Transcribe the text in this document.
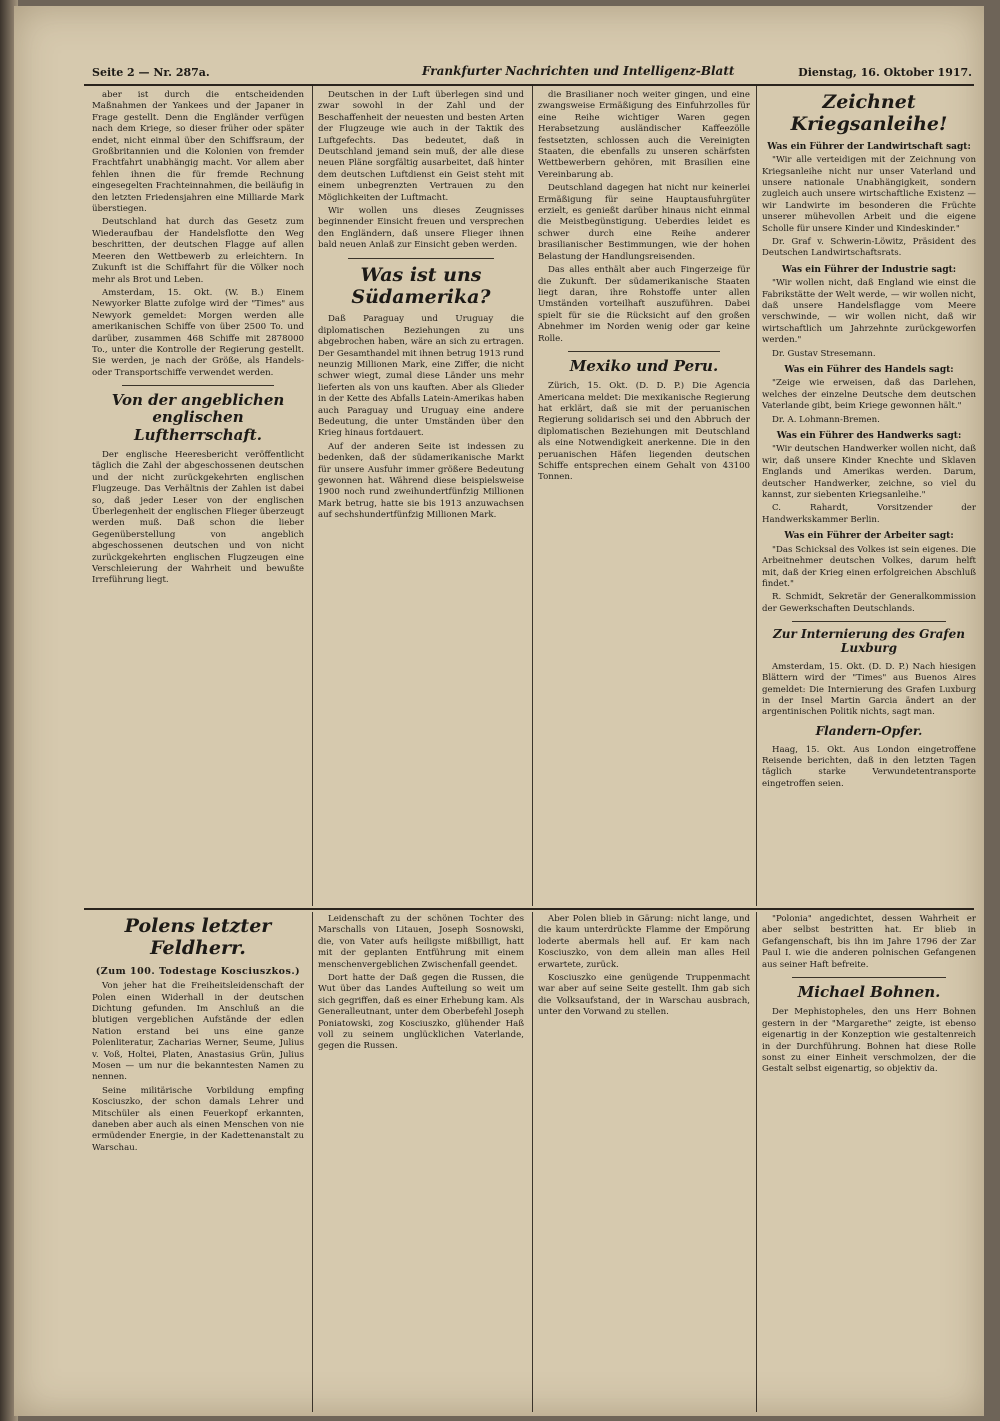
Seite 2 — Nr. 287a.	Frankfurter Nachrichten und Intelligenz-Blatt	Dienstag, 16. Oktober 1917.

aber ist durch die entscheidenden Maßnahmen der Yankees und der Japaner in Frage gestellt. Denn die Engländer verfügen nach dem Kriege, so dieser früher oder später endet, nicht einmal über den Schiffsraum, der Großbritannien und die Kolonien von fremder Frachtfahrt unabhängig macht. Vor allem aber fehlen ihnen die für fremde Rechnung eingesegelten Frachteinnahmen, die beiläufig in den letzten Friedensjahren eine Milliarde Mark überstiegen.

Deutschland hat durch das Gesetz zum Wiederaufbau der Handelsflotte den Weg beschritten, der deutschen Flagge auf allen Meeren den Wettbewerb zu erleichtern. In Zukunft ist die Schiffahrt für die Völker noch mehr als Brot und Leben.

Amsterdam, 15. Okt. (W. B.) Einem Newyorker Blatte zufolge wird der "Times" aus Newyork gemeldet: Morgen werden alle amerikanischen Schiffe von über 2500 To. und darüber, zusammen 468 Schiffe mit 2878000 To., unter die Kontrolle der Regierung gestellt. Sie werden, je nach der Größe, als Handels- oder Transportschiffe verwendet werden.

Von der angeblichen englischen Luftherrschaft.

Der englische Heeresbericht veröffentlicht täglich die Zahl der abgeschossenen deutschen und der nicht zurückgekehrten englischen Flugzeuge. Das Verhältnis der Zahlen ist dabei so, daß jeder Leser von der englischen Überlegenheit der englischen Flieger überzeugt werden muß. Daß schon die lieber Gegenüberstellung von angeblich abgeschossenen deutschen und von nicht zurückgekehrten englischen Flugzeugen eine Verschleierung der Wahrheit und bewußte Irreführung liegt.

Deutschen in der Luft überlegen sind und zwar sowohl in der Zahl und der Beschaffenheit der neuesten und besten Arten der Flugzeuge wie auch in der Taktik des Luftgefechts. Das bedeutet, daß in Deutschland jemand sein muß, der alle diese neuen Pläne sorgfältig ausarbeitet, daß hinter dem deutschen Luftdienst ein Geist steht mit einem unbegrenzten Vertrauen zu den Möglichkeiten der Luftmacht.

Wir wollen uns dieses Zeugnisses beginnender Einsicht freuen und versprechen den Engländern, daß unsere Flieger ihnen bald neuen Anlaß zur Einsicht geben werden.

Was ist uns Südamerika?

Daß Paraguay und Uruguay die diplomatischen Beziehungen zu uns abgebrochen haben, wäre an sich zu ertragen. Der Gesamthandel mit ihnen betrug 1913 rund neunzig Millionen Mark, eine Ziffer, die nicht schwer wiegt, zumal diese Länder uns mehr lieferten als von uns kauften. Aber als Glieder in der Kette des Abfalls Latein-Amerikas haben auch Paraguay und Uruguay eine andere Bedeutung, die unter Umständen über den Krieg hinaus fortdauert.

Auf der anderen Seite ist indessen zu bedenken, daß der südamerikanische Markt für unsere Ausfuhr immer größere Bedeutung gewonnen hat. Während diese beispielsweise 1900 noch rund zweihundertfünfzig Millionen Mark betrug, hatte sie bis 1913 anzuwachsen auf sechshundertfünfzig Millionen Mark.

die Brasilianer noch weiter gingen, und eine zwangsweise Ermäßigung des Einfuhrzolles für eine Reihe wichtiger Waren gegen Herabsetzung ausländischer Kaffeezölle festsetzten, schlossen auch die Vereinigten Staaten, die ebenfalls zu unseren schärfsten Wettbewerbern gehören, mit Brasilien eine Vereinbarung ab.

Deutschland dagegen hat nicht nur keinerlei Ermäßigung für seine Hauptausfuhrgüter erzielt, es genießt darüber hinaus nicht einmal die Meistbegünstigung. Ueberdies leidet es schwer durch eine Reihe anderer brasilianischer Bestimmungen, wie der hohen Belastung der Handlungsreisenden.

Das alles enthält aber auch Fingerzeige für die Zukunft. Der südamerikanische Staaten liegt daran, ihre Rohstoffe unter allen Umständen vorteilhaft auszuführen. Dabei spielt für sie die Rücksicht auf den großen Abnehmer im Norden wenig oder gar keine Rolle.

Mexiko und Peru.

Zürich, 15. Okt. (D. D. P.) Die Agencia Americana meldet: Die mexikanische Regierung hat erklärt, daß sie mit der peruanischen Regierung solidarisch sei und den Abbruch der diplomatischen Beziehungen mit Deutschland als eine Notwendigkeit anerkenne. Die in den peruanischen Häfen liegenden deutschen Schiffe entsprechen einem Gehalt von 43100 Tonnen.

Zeichnet Kriegsanleihe!
Was ein Führer der Landwirtschaft sagt:

"Wir alle verteidigen mit der Zeichnung von Kriegsanleihe nicht nur unser Vaterland und unsere nationale Unabhängigkeit, sondern zugleich auch unsere wirtschaftliche Existenz — wir Landwirte im besonderen die Früchte unserer mühevollen Arbeit und die eigene Scholle für unsere Kinder und Kindeskinder."

Dr. Graf v. Schwerin-Löwitz, Präsident des Deutschen Landwirtschaftsrats.
Was ein Führer der Industrie sagt:

"Wir wollen nicht, daß England wie einst die Fabrikstätte der Welt werde, — wir wollen nicht, daß unsere Handelsflagge vom Meere verschwinde, — wir wollen nicht, daß wir wirtschaftlich um Jahrzehnte zurückgeworfen werden."

Dr. Gustav Stresemann.
Was ein Führer des Handels sagt:

"Zeige wie erweisen, daß das Darlehen, welches der einzelne Deutsche dem deutschen Vaterlande gibt, beim Kriege gewonnen hält."

Dr. A. Lohmann-Bremen.
Was ein Führer des Handwerks sagt:

"Wir deutschen Handwerker wollen nicht, daß wir, daß unsere Kinder Knechte und Sklaven Englands und Amerikas werden. Darum, deutscher Handwerker, zeichne, so viel du kannst, zur siebenten Kriegsanleihe."

C. Rahardt, Vorsitzender der Handwerkskammer Berlin.
Was ein Führer der Arbeiter sagt:

"Das Schicksal des Volkes ist sein eigenes. Die Arbeitnehmer deutschen Volkes, darum helft mit, daß der Krieg einen erfolgreichen Abschluß findet."

R. Schmidt, Sekretär der Generalkommission der Gewerkschaften Deutschlands.
Zur Internierung des Grafen Luxburg

Amsterdam, 15. Okt. (D. D. P.) Nach hiesigen Blättern wird der "Times" aus Buenos Aires gemeldet: Die Internierung des Grafen Luxburg in der Insel Martin Garcia ändert an der argentinischen Politik nichts, sagt man.

Flandern-Opfer.

Haag, 15. Okt. Aus London eingetroffene Reisende berichten, daß in den letzten Tagen täglich starke Verwundetentransporte eingetroffen seien.

Polens letzter Feldherr.
(Zum 100. Todestage Kosciuszkos.)

Von jeher hat die Freiheitsleidenschaft der Polen einen Widerhall in der deutschen Dichtung gefunden. Im Anschluß an die blutigen vergeblichen Aufstände der edlen Nation erstand bei uns eine ganze Polenliteratur, Zacharias Werner, Seume, Julius v. Voß, Holtei, Platen, Anastasius Grün, Julius Mosen — um nur die bekanntesten Namen zu nennen.

Seine militärische Vorbildung empfing Kosciuszko, der schon damals Lehrer und Mitschüler als einen Feuerkopf erkannten, daneben aber auch als einen Menschen von nie ermüdender Energie, in der Kadettenanstalt zu Warschau.

Leidenschaft zu der schönen Tochter des Marschalls von Litauen, Joseph Sosnowski, die, von Vater aufs heiligste mißbilligt, hatt mit der geplanten Entführung mit einem menschenvergeblichen Zwischenfall geendet.

Dort hatte der Daß gegen die Russen, die Wut über das Landes Aufteilung so weit um sich gegriffen, daß es einer Erhebung kam. Als Generalleutnant, unter dem Oberbefehl Joseph Poniatowski, zog Kosciuszko, glühender Haß voll zu seinem unglücklichen Vaterlande, gegen die Russen.

Aber Polen blieb in Gärung: nicht lange, und die kaum unterdrückte Flamme der Empörung loderte abermals hell auf. Er kam nach Kosciuszko, von dem allein man alles Heil erwartete, zurück.

Kosciuszko eine genügende Truppenmacht war aber auf seine Seite gestellt. Ihm gab sich die Volksaufstand, der in Warschau ausbrach, unter den Vorwand zu stellen.

"Polonia" angedichtet, dessen Wahrheit er aber selbst bestritten hat. Er blieb in Gefangenschaft, bis ihn im Jahre 1796 der Zar Paul I. wie die anderen polnischen Gefangenen aus seiner Haft befreite.

Michael Bohnen.

Der Mephistopheles, den uns Herr Bohnen gestern in der "Margarethe" zeigte, ist ebenso eigenartig in der Konzeption wie gestaltenreich in der Durchführung. Bohnen hat diese Rolle sonst zu einer Einheit verschmolzen, der die Gestalt selbst eigenartig, so objektiv da.
